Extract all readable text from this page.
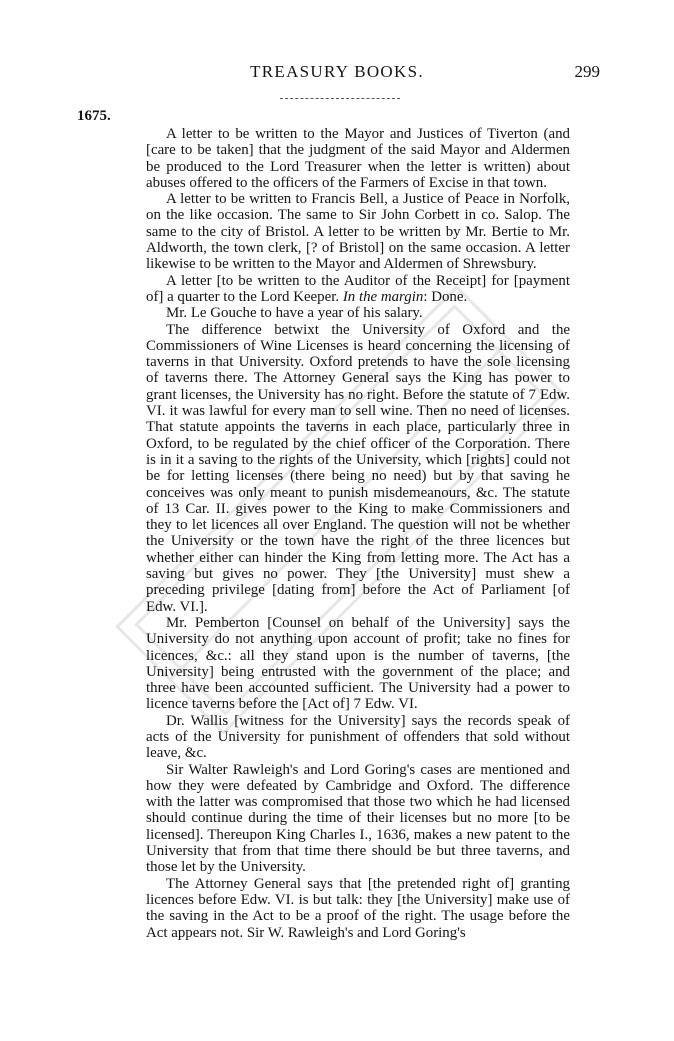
TREASURY BOOKS.	299
1675.

A letter to be written to the Mayor and Justices of Tiverton (and [care to be taken] that the judgment of the said Mayor and Aldermen be produced to the Lord Treasurer when the letter is written) about abuses offered to the officers of the Farmers of Excise in that town.

A letter to be written to Francis Bell, a Justice of Peace in Norfolk, on the like occasion. The same to Sir John Corbett in co. Salop. The same to the city of Bristol. A letter to be written by Mr. Bertie to Mr. Aldworth, the town clerk, [? of Bristol] on the same occasion. A letter likewise to be written to the Mayor and Aldermen of Shrewsbury.

A letter [to be written to the Auditor of the Receipt] for [payment of] a quarter to the Lord Keeper. In the margin: Done.

Mr. Le Gouche to have a year of his salary.

The difference betwixt the University of Oxford and the Commissioners of Wine Licenses is heard concerning the licensing of taverns in that University. Oxford pretends to have the sole licensing of taverns there. The Attorney General says the King has power to grant licenses, the University has no right. Before the statute of 7 Edw. VI. it was lawful for every man to sell wine. Then no need of licenses. That statute appoints the taverns in each place, particularly three in Oxford, to be regulated by the chief officer of the Corporation. There is in it a saving to the rights of the University, which [rights] could not be for letting licenses (there being no need) but by that saving he conceives was only meant to punish misdemeanours, &c. The statute of 13 Car. II. gives power to the King to make Commissioners and they to let licences all over England. The question will not be whether the University or the town have the right of the three licences but whether either can hinder the King from letting more. The Act has a saving but gives no power. They [the University] must shew a preceding privilege [dating from] before the Act of Parliament [of Edw. VI.].

Mr. Pemberton [Counsel on behalf of the University] says the University do not anything upon account of profit; take no fines for licences, &c.: all they stand upon is the number of taverns, [the University] being entrusted with the government of the place; and three have been accounted sufficient. The University had a power to licence taverns before the [Act of] 7 Edw. VI.

Dr. Wallis [witness for the University] says the records speak of acts of the University for punishment of offenders that sold without leave, &c.

Sir Walter Rawleigh's and Lord Goring's cases are mentioned and how they were defeated by Cambridge and Oxford. The difference with the latter was compromised that those two which he had licensed should continue during the time of their licenses but no more [to be licensed]. Thereupon King Charles I., 1636, makes a new patent to the University that from that time there should be but three taverns, and those let by the University.

The Attorney General says that [the pretended right of] granting licences before Edw. VI. is but talk: they [the University] make use of the saving in the Act to be a proof of the right. The usage before the Act appears not. Sir W. Rawleigh's and Lord Goring's
